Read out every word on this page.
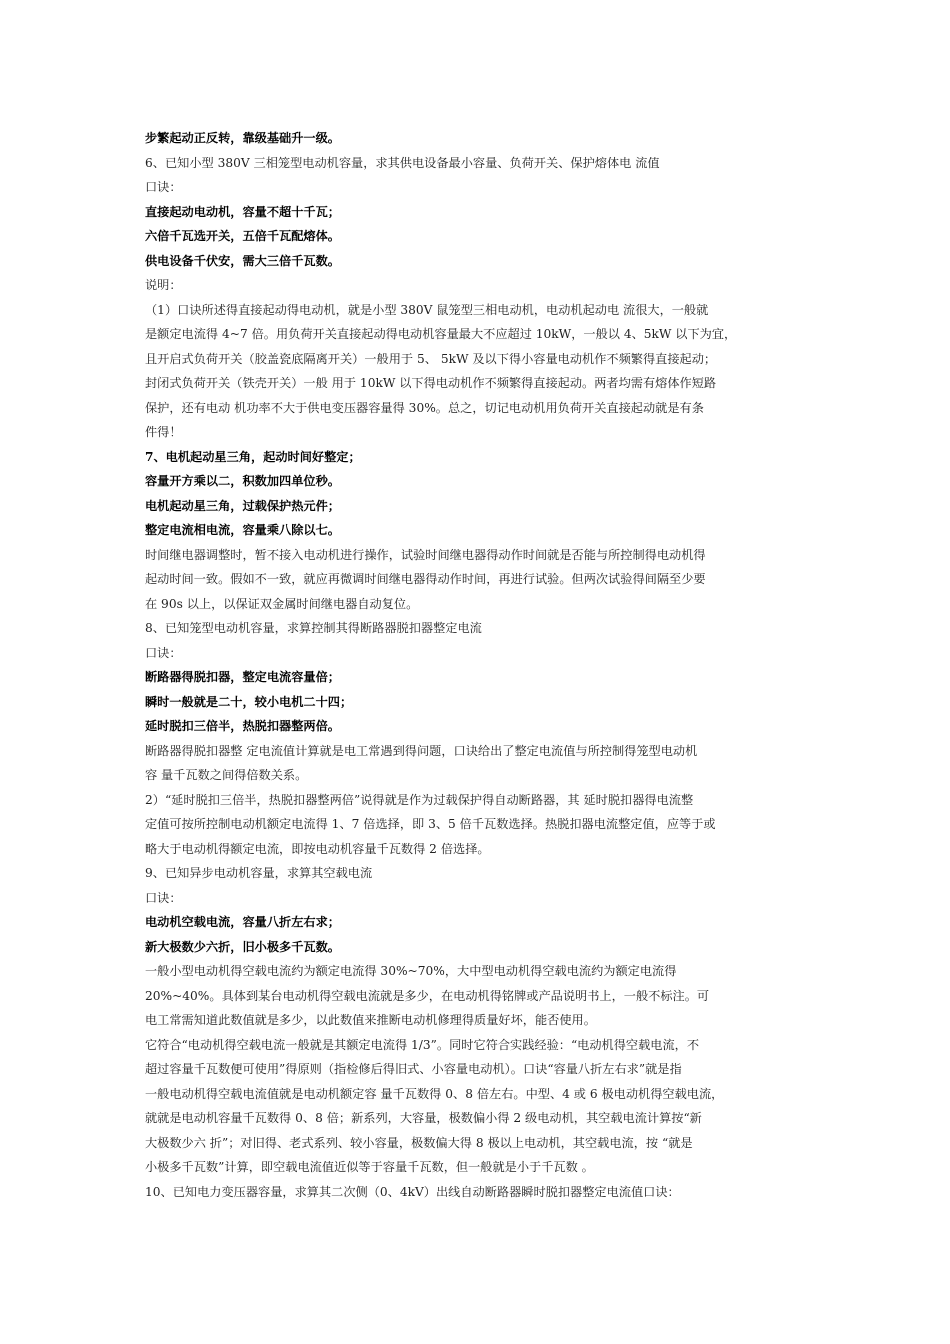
步繁起动正反转，靠级基础升一级。

6、已知小型 380V 三相笼型电动机容量，求其供电设备最小容量、负荷开关、保护熔体电 流值

口诀：

直接起动电动机，容量不超十千瓦；

六倍千瓦选开关，五倍千瓦配熔体。

供电设备千伏安，需大三倍千瓦数。

说明：

（1）口诀所述得直接起动得电动机，就是小型 380V 鼠笼型三相电动机，电动机起动电 流很大，一般就

是额定电流得 4~7 倍。用负荷开关直接起动得电动机容量最大不应超过 10kW，一般以 4、5kW 以下为宜，

且开启式负荷开关（胶盖瓷底隔离开关）一般用于 5、 5kW 及以下得小容量电动机作不频繁得直接起动；

封闭式负荷开关（铁壳开关）一般 用于 10kW 以下得电动机作不频繁得直接起动。两者均需有熔体作短路

保护，还有电动 机功率不大于供电变压器容量得 30%。总之，切记电动机用负荷开关直接起动就是有条

件得！

7、电机起动星三角，起动时间好整定；

容量开方乘以二，积数加四单位秒。

电机起动星三角，过载保护热元件；

整定电流相电流，容量乘八除以七。

时间继电器调整时，暂不接入电动机进行操作，试验时间继电器得动作时间就是否能与所控制得电动机得

起动时间一致。假如不一致，就应再微调时间继电器得动作时间，再进行试验。但两次试验得间隔至少要

在 90s 以上，以保证双金属时间继电器自动复位。

8、已知笼型电动机容量，求算控制其得断路器脱扣器整定电流

口诀：

断路器得脱扣器，整定电流容量倍；

瞬时一般就是二十，较小电机二十四；

延时脱扣三倍半，热脱扣器整两倍。

断路器得脱扣器整 定电流值计算就是电工常遇到得问题，口诀给出了整定电流值与所控制得笼型电动机

容 量千瓦数之间得倍数关系。

2）“延时脱扣三倍半，热脱扣器整两倍”说得就是作为过载保护得自动断路器，其 延时脱扣器得电流整

定值可按所控制电动机额定电流得 1、7 倍选择，即 3、5 倍千瓦数选择。热脱扣器电流整定值，应等于或

略大于电动机得额定电流，即按电动机容量千瓦数得 2 倍选择。

9、已知异步电动机容量，求算其空载电流

口诀：

电动机空载电流，容量八折左右求；

新大极数少六折，旧小极多千瓦数。

一般小型电动机得空载电流约为额定电流得 30%~70%，大中型电动机得空载电流约为额定电流得

20%~40%。具体到某台电动机得空载电流就是多少，在电动机得铭牌或产品说明书上，一般不标注。可

电工常需知道此数值就是多少，以此数值来推断电动机修理得质量好坏，能否使用。

它符合“电动机得空载电流一般就是其额定电流得 1/3”。同时它符合实践经验：“电动机得空载电流，不

超过容量千瓦数便可使用”得原则（指检修后得旧式、小容量电动机）。口诀“容量八折左右求”就是指

一般电动机得空载电流值就是电动机额定容 量千瓦数得 0、8 倍左右。中型、4 或 6 极电动机得空载电流，

就就是电动机容量千瓦数得 0、8 倍；新系列，大容量，极数偏小得 2 级电动机，其空载电流计算按“新

大极数少六 折”；对旧得、老式系列、较小容量，极数偏大得 8 极以上电动机，其空载电流，按 “就是

小极多千瓦数”计算，即空载电流值近似等于容量千瓦数，但一般就是小于千瓦数 。

10、已知电力变压器容量，求算其二次侧（0、4kV）出线自动断路器瞬时脱扣器整定电流值口诀：
